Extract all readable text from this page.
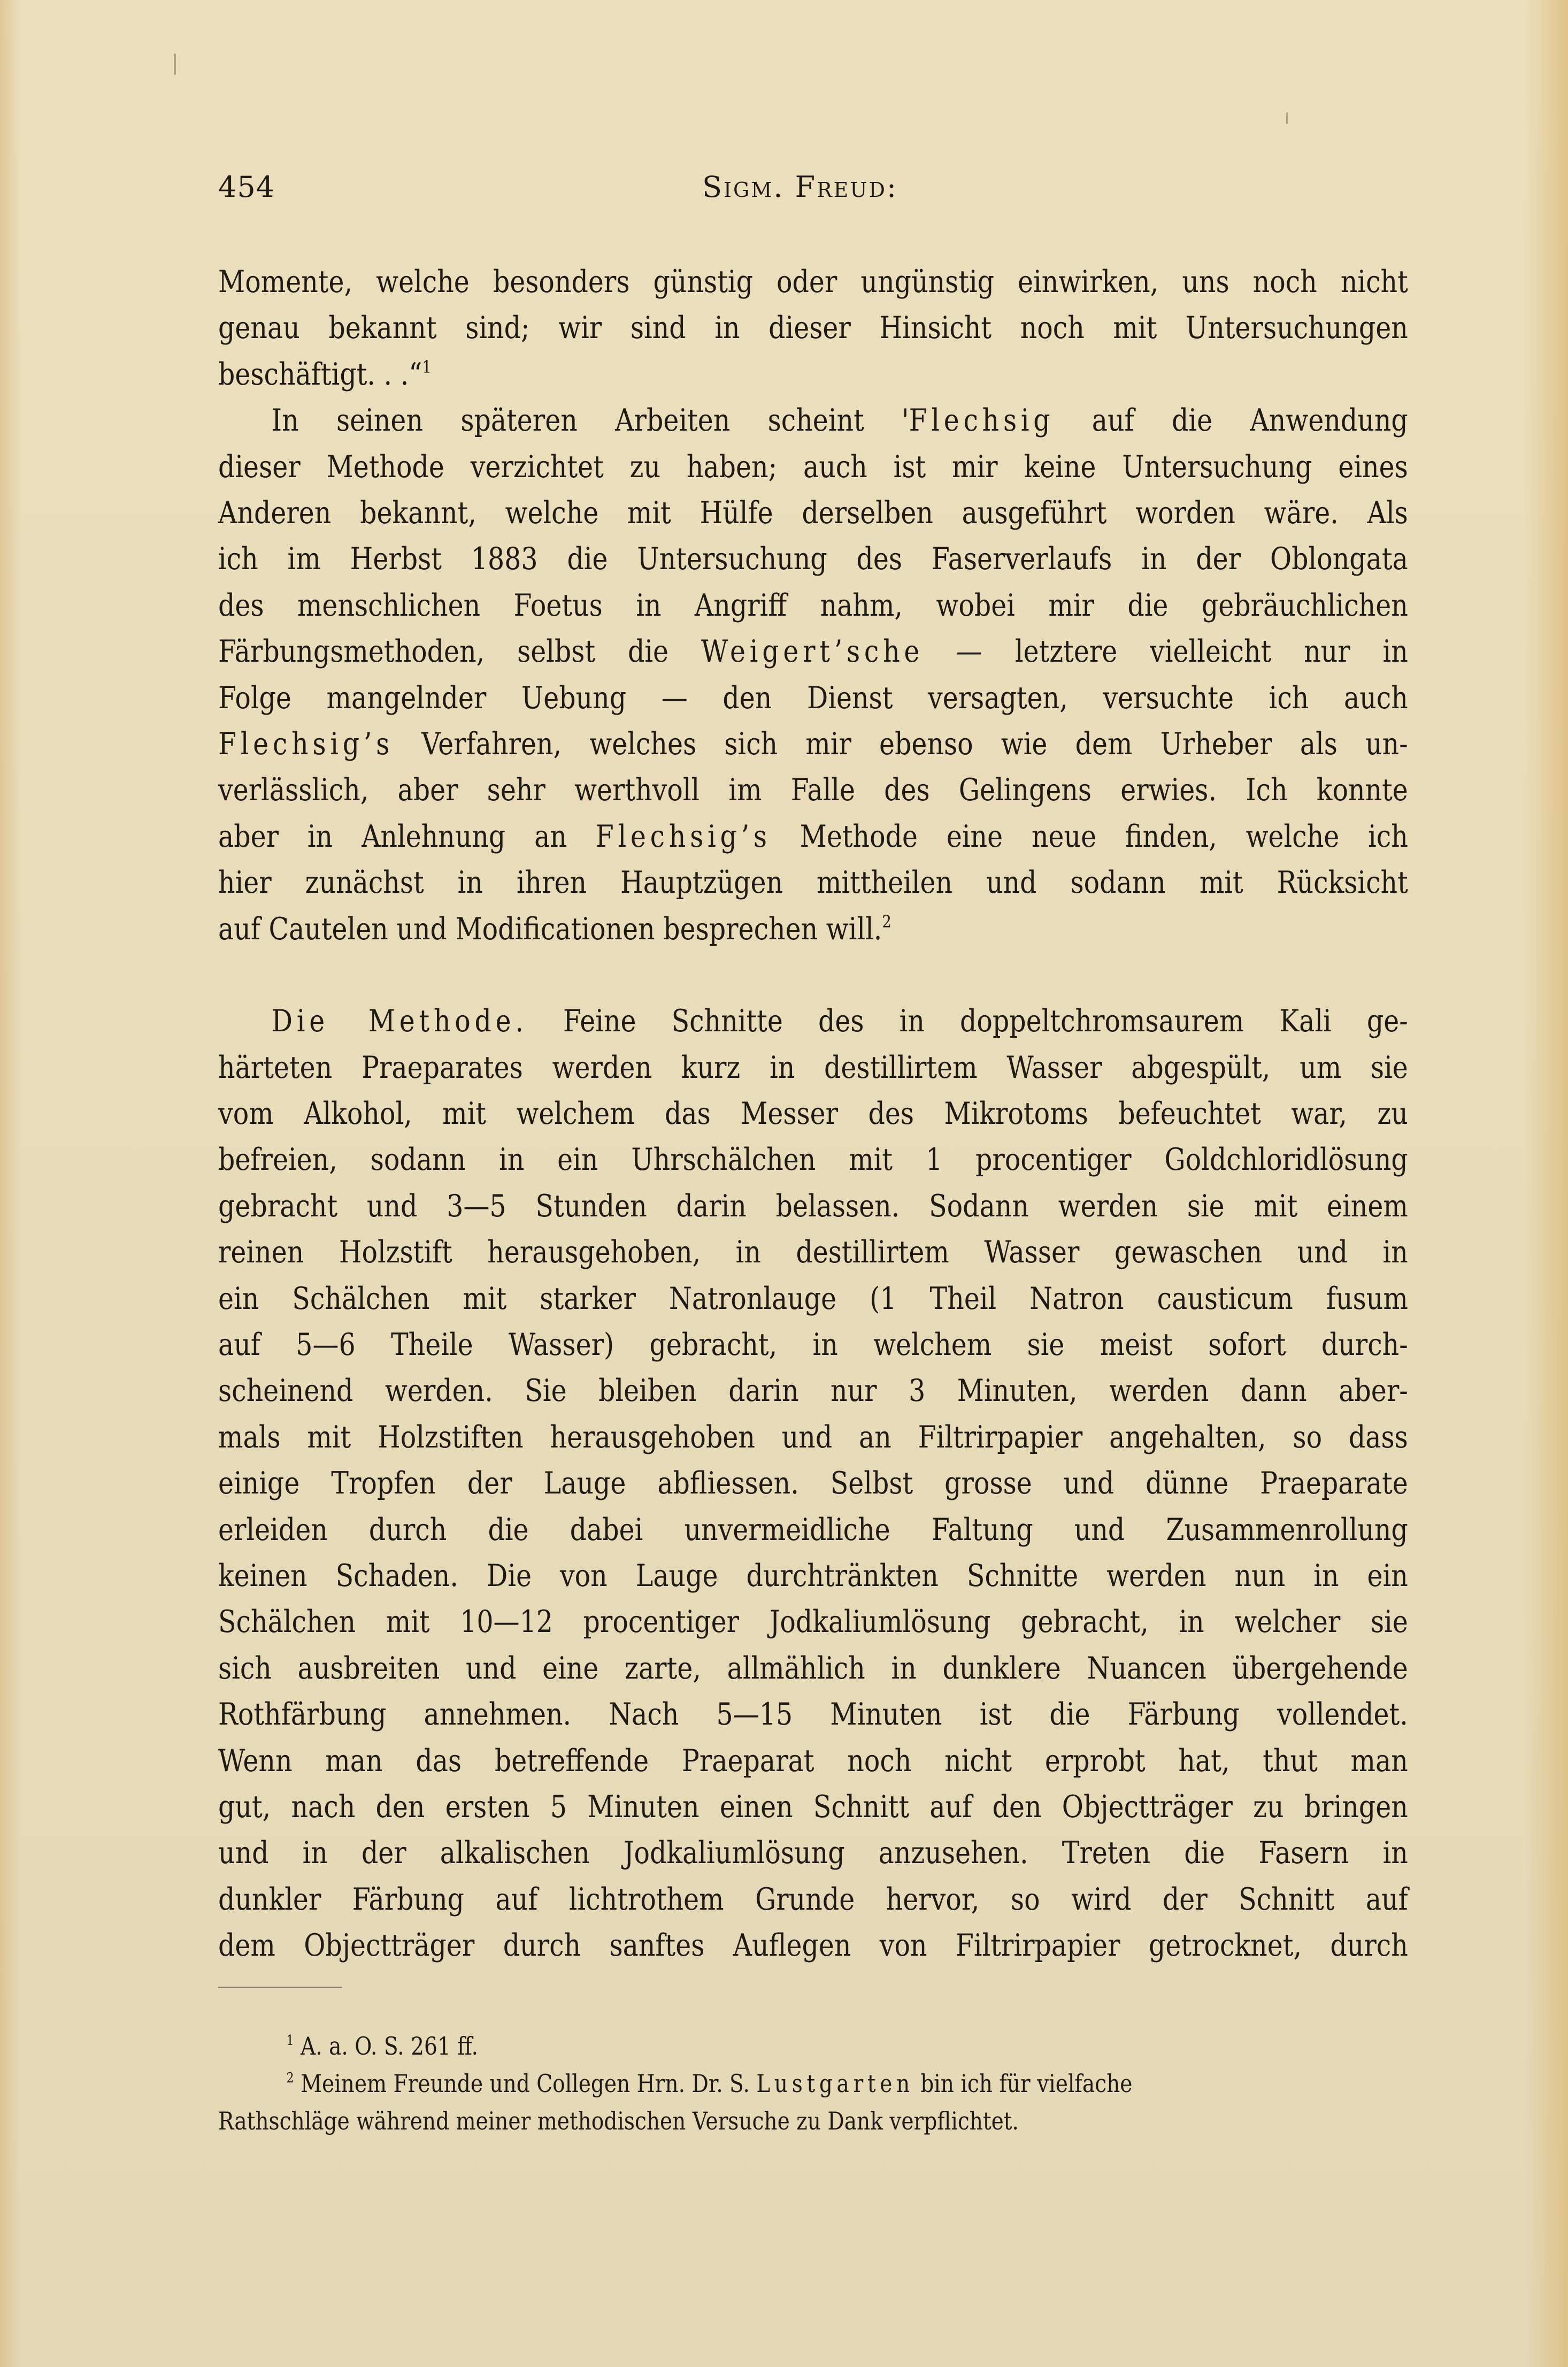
454	Sigm. Freud:
Momente, welche besonders günstig oder ungünstig einwirken, uns noch nicht
genau bekannt sind; wir sind in dieser Hinsicht noch mit Untersuchungen
beschäftigt. . .“$^1$
In seinen späteren Arbeiten scheint 'Flechsig auf die Anwendung
dieser Methode verzichtet zu haben; auch ist mir keine Untersuchung eines
Anderen bekannt, welche mit Hülfe derselben ausgeführt worden wäre. Als
ich im Herbst 1883 die Untersuchung des Faserverlaufs in der Oblongata
des menschlichen Foetus in Angriff nahm, wobei mir die gebräuchlichen
Färbungsmethoden, selbst die Weigert’sche — letztere vielleicht nur in
Folge mangelnder Uebung — den Dienst versagten, versuchte ich auch
Flechsig’s Verfahren, welches sich mir ebenso wie dem Urheber als un-
verlässlich, aber sehr werthvoll im Falle des Gelingens erwies. Ich konnte
aber in Anlehnung an Flechsig’s Methode eine neue finden, welche ich
hier zunächst in ihren Hauptzügen mittheilen und sodann mit Rücksicht
auf Cautelen und Modificationen besprechen will.$^2$
Die Methode. Feine Schnitte des in doppeltchromsaurem Kali ge-
härteten Praeparates werden kurz in destillirtem Wasser abgespült, um sie
vom Alkohol, mit welchem das Messer des Mikrotoms befeuchtet war, zu
befreien, sodann in ein Uhrschälchen mit 1 procentiger Goldchloridlösung
gebracht und 3—5 Stunden darin belassen. Sodann werden sie mit einem
reinen Holzstift herausgehoben, in destillirtem Wasser gewaschen und in
ein Schälchen mit starker Natronlauge (1 Theil Natron causticum fusum
auf 5—6 Theile Wasser) gebracht, in welchem sie meist sofort durch-
scheinend werden. Sie bleiben darin nur 3 Minuten, werden dann aber-
mals mit Holzstiften herausgehoben und an Filtrirpapier angehalten, so dass
einige Tropfen der Lauge abfliessen. Selbst grosse und dünne Praeparate
erleiden durch die dabei unvermeidliche Faltung und Zusammenrollung
keinen Schaden. Die von Lauge durchtränkten Schnitte werden nun in ein
Schälchen mit 10—12 procentiger Jodkaliumlösung gebracht, in welcher sie
sich ausbreiten und eine zarte, allmählich in dunklere Nuancen übergehende
Rothfärbung annehmen. Nach 5—15 Minuten ist die Färbung vollendet.
Wenn man das betreffende Praeparat noch nicht erprobt hat, thut man
gut, nach den ersten 5 Minuten einen Schnitt auf den Objectträger zu bringen
und in der alkalischen Jodkaliumlösung anzusehen. Treten die Fasern in
dunkler Färbung auf lichtrothem Grunde hervor, so wird der Schnitt auf
dem Objectträger durch sanftes Auflegen von Filtrirpapier getrocknet, durch
$^1$ A. a. O. S. 261 ff.
$^2$ Meinem Freunde und Collegen Hrn. Dr. S. Lustgarten bin ich für vielfache
Rathschläge während meiner methodischen Versuche zu Dank verpflichtet.
